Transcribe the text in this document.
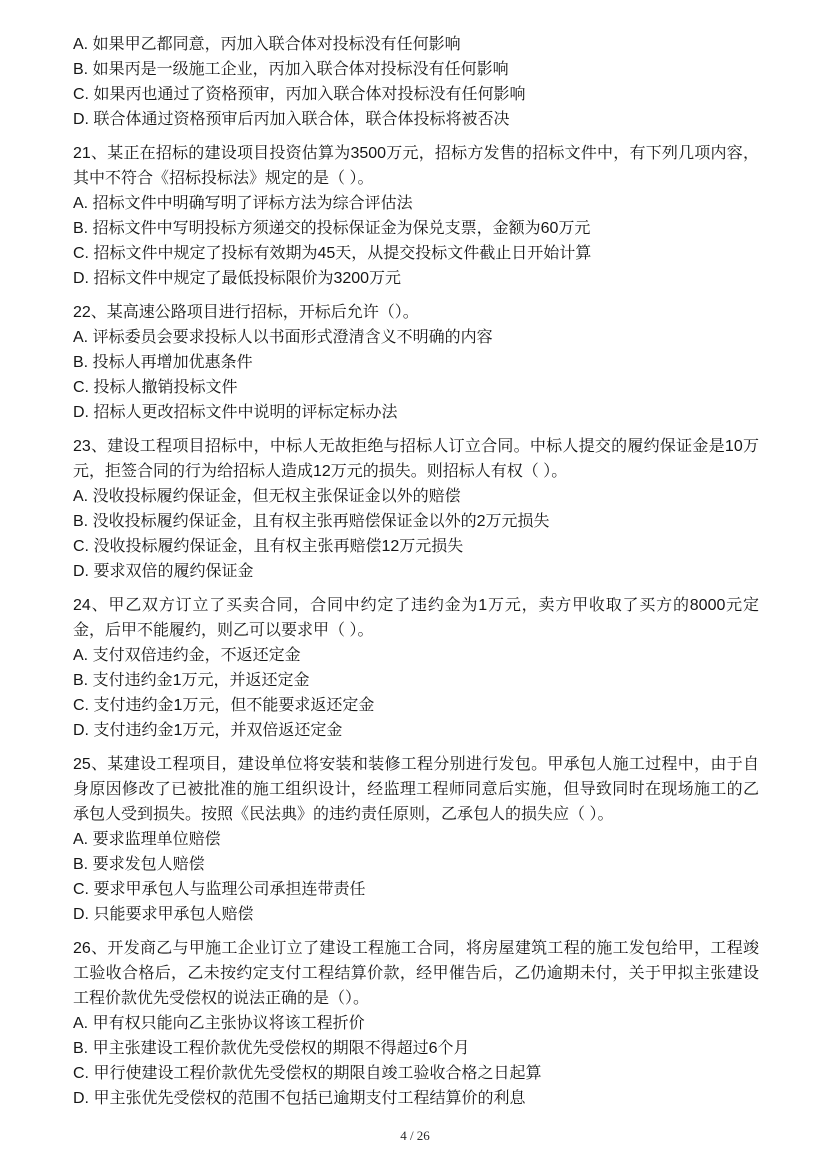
A. 如果甲乙都同意，丙加入联合体对投标没有任何影响

B. 如果丙是一级施工企业，丙加入联合体对投标没有任何影响

C. 如果丙也通过了资格预审，丙加入联合体对投标没有任何影响

D. 联合体通过资格预审后丙加入联合体，联合体投标将被否决

21、某正在招标的建设项目投资估算为3500万元，招标方发售的招标文件中，有下列几项内容，其中不符合《招标投标法》规定的是（ ）。

A. 招标文件中明确写明了评标方法为综合评估法

B. 招标文件中写明投标方须递交的投标保证金为保兑支票，金额为60万元

C. 招标文件中规定了投标有效期为45天，从提交投标文件截止日开始计算

D. 招标文件中规定了最低投标限价为3200万元

22、某高速公路项目进行招标，开标后允许（）。

A. 评标委员会要求投标人以书面形式澄清含义不明确的内容

B. 投标人再增加优惠条件

C. 投标人撤销投标文件

D. 招标人更改招标文件中说明的评标定标办法

23、建设工程项目招标中，中标人无故拒绝与招标人订立合同。中标人提交的履约保证金是10万元，拒签合同的行为给招标人造成12万元的损失。则招标人有权（ ）。

A. 没收投标履约保证金，但无权主张保证金以外的赔偿

B. 没收投标履约保证金，且有权主张再赔偿保证金以外的2万元损失

C. 没收投标履约保证金，且有权主张再赔偿12万元损失

D. 要求双倍的履约保证金

24、甲乙双方订立了买卖合同，合同中约定了违约金为1万元，卖方甲收取了买方的8000元定金，后甲不能履约，则乙可以要求甲（ ）。

A. 支付双倍违约金，不返还定金

B. 支付违约金1万元，并返还定金

C. 支付违约金1万元，但不能要求返还定金

D. 支付违约金1万元，并双倍返还定金

25、某建设工程项目，建设单位将安装和装修工程分别进行发包。甲承包人施工过程中，由于自身原因修改了已被批准的施工组织设计，经监理工程师同意后实施，但导致同时在现场施工的乙承包人受到损失。按照《民法典》的违约责任原则，乙承包人的损失应（ ）。

A. 要求监理单位赔偿

B. 要求发包人赔偿

C. 要求甲承包人与监理公司承担连带责任

D. 只能要求甲承包人赔偿

26、开发商乙与甲施工企业订立了建设工程施工合同，将房屋建筑工程的施工发包给甲，工程竣工验收合格后，乙未按约定支付工程结算价款，经甲催告后，乙仍逾期未付，关于甲拟主张建设工程价款优先受偿权的说法正确的是（）。

A. 甲有权只能向乙主张协议将该工程折价

B. 甲主张建设工程价款优先受偿权的期限不得超过6个月

C. 甲行使建设工程价款优先受偿权的期限自竣工验收合格之日起算

D. 甲主张优先受偿权的范围不包括已逾期支付工程结算价的利息

4 / 26
